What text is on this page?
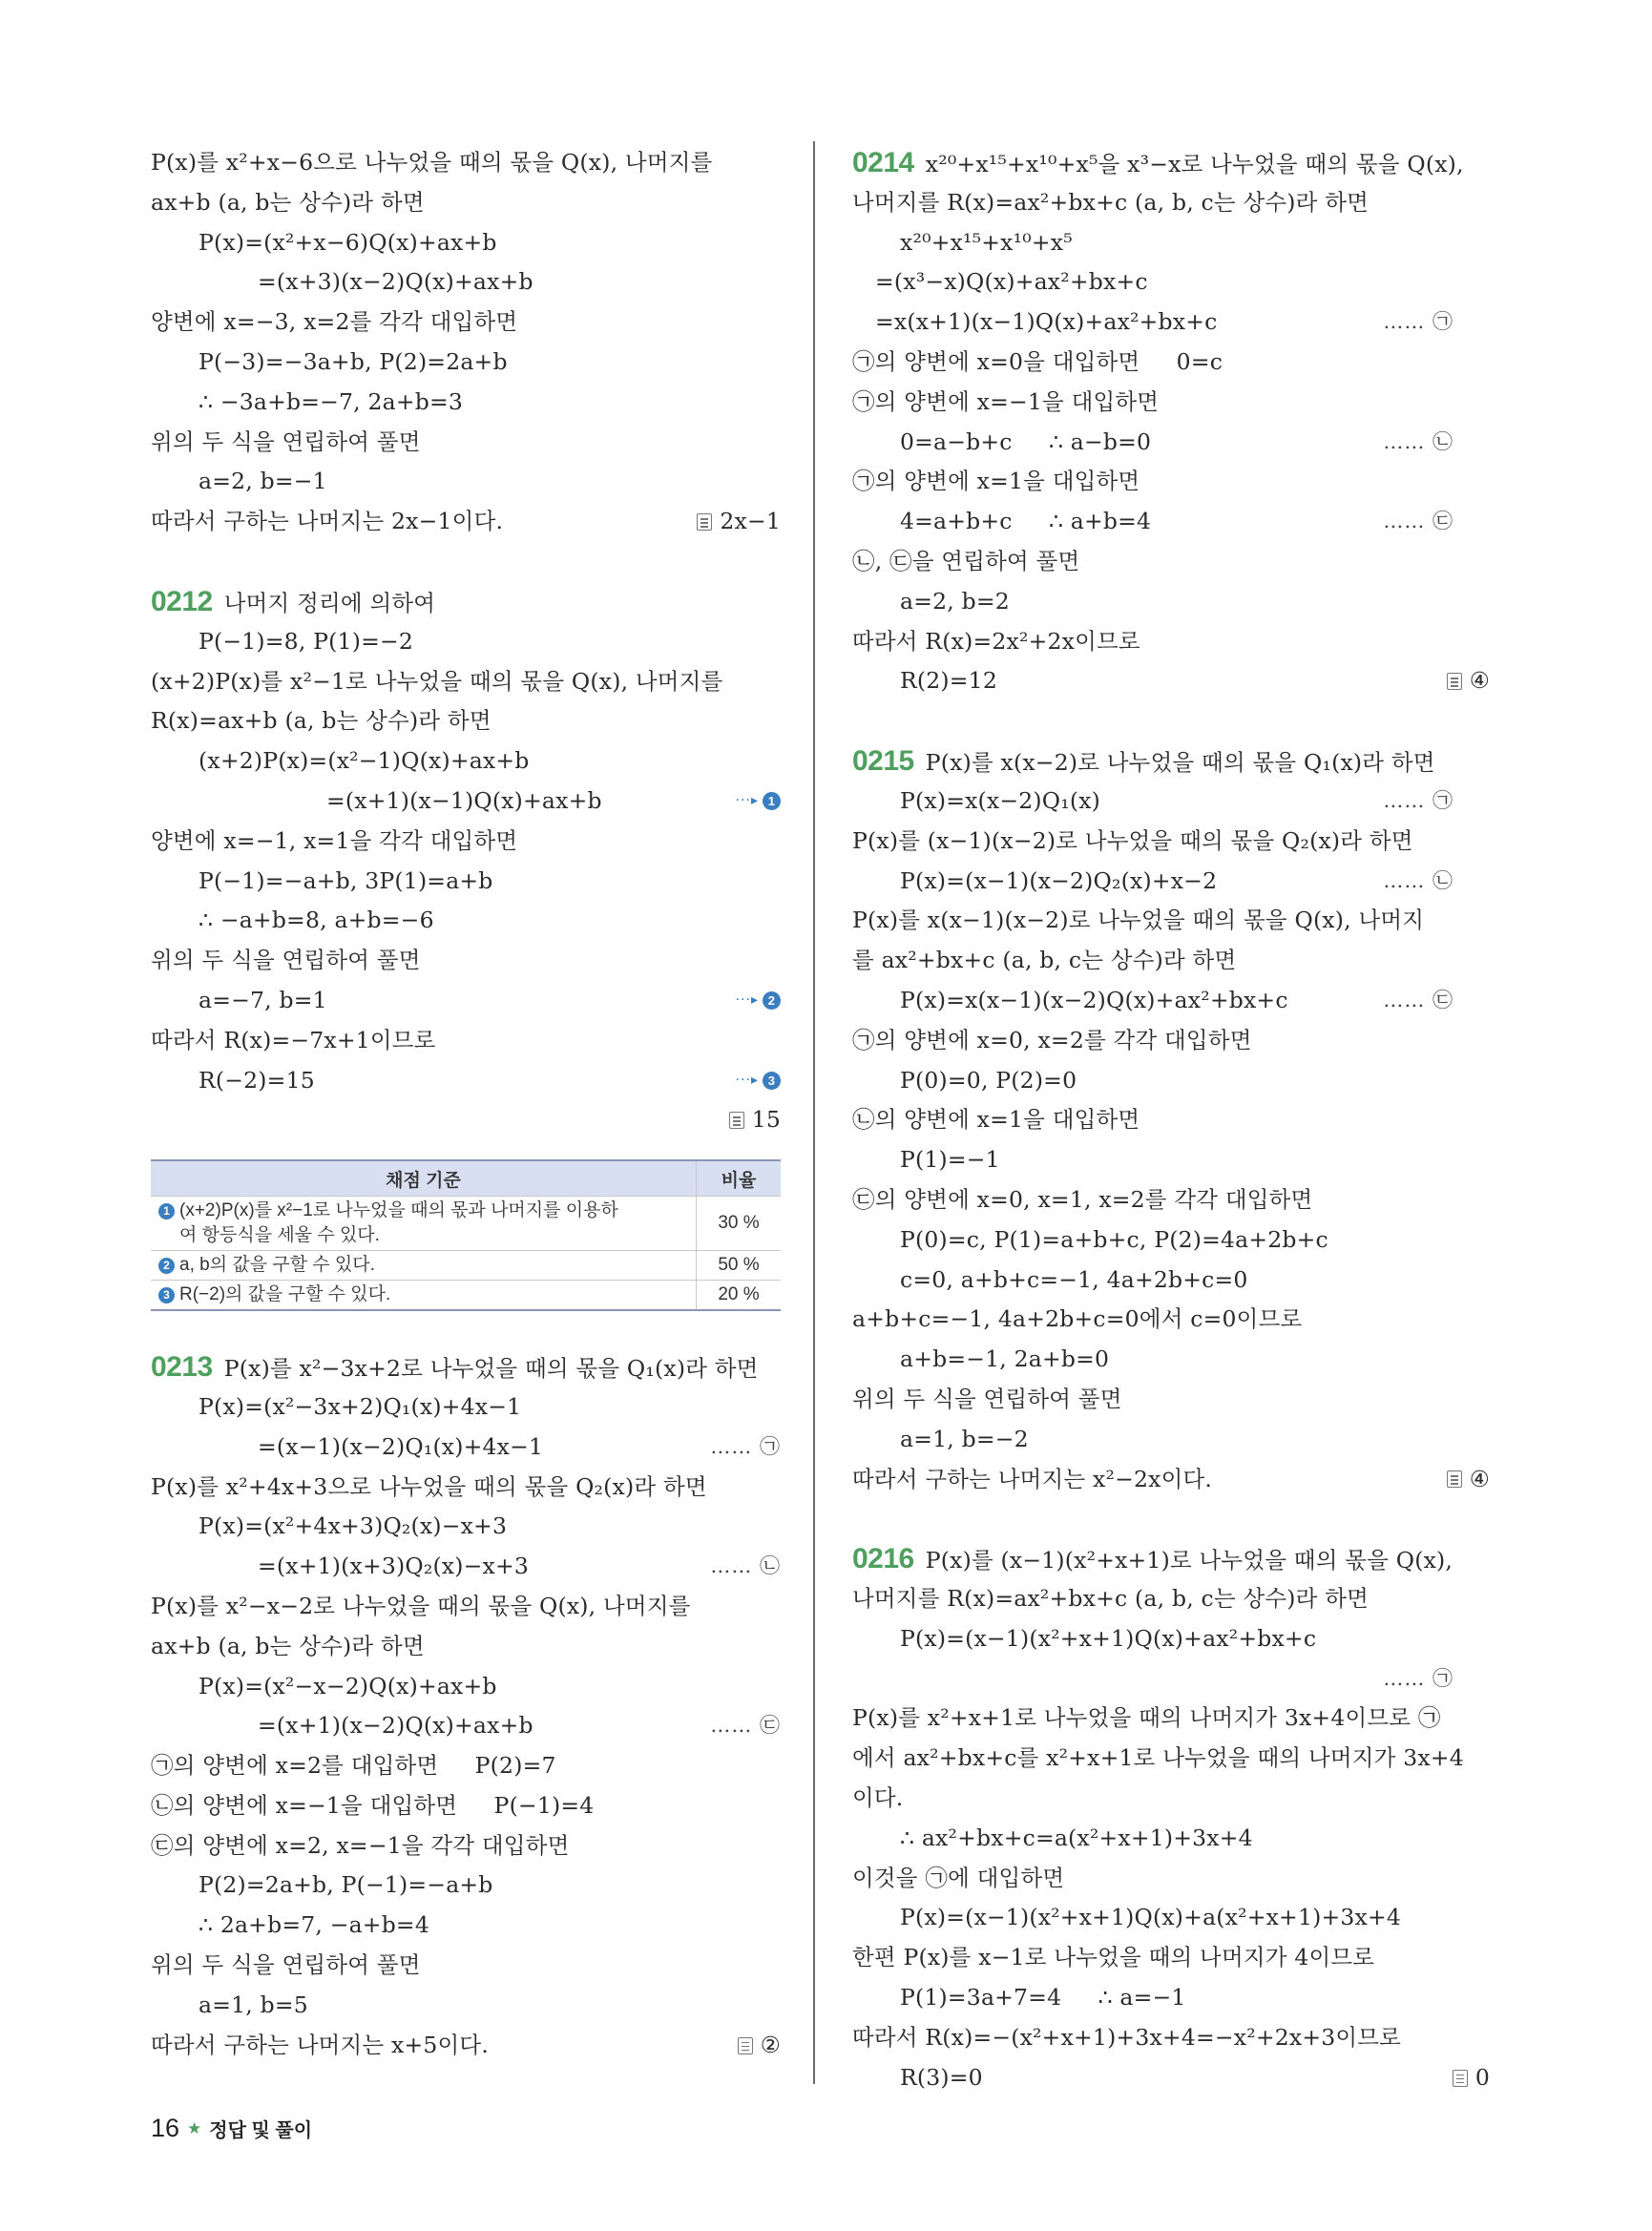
P(x)를 x²+x−6으로 나누었을 때의 몫을 Q(x), 나머지를
ax+b (a, b는 상수)라 하면
P(x)=(x²+x−6)Q(x)+ax+b
=(x+3)(x−2)Q(x)+ax+b
양변에 x=−3, x=2를 각각 대입하면
P(−3)=−3a+b, P(2)=2a+b
∴ −3a+b=−7, 2a+b=3
위의 두 식을 연립하여 풀면
a=2, b=−1
따라서 구하는 나머지는 2x−1이다.	2x−1
0212 나머지 정리에 의하여
P(−1)=8, P(1)=−2
(x+2)P(x)를 x²−1로 나누었을 때의 몫을 Q(x), 나머지를
R(x)=ax+b (a, b는 상수)라 하면
(x+2)P(x)=(x²−1)Q(x)+ax+b
=(x+1)(x−1)Q(x)+ax+b	···▸ 1
양변에 x=−1, x=1을 각각 대입하면
P(−1)=−a+b, 3P(1)=a+b
∴ −a+b=8, a+b=−6
위의 두 식을 연립하여 풀면
a=−7, b=1	···▸ 2
따라서 R(x)=−7x+1이므로
R(−2)=15	···▸ 3
15
채점 기준	비율
1 (x+2)P(x)를 x²−1로 나누었을 때의 몫과 나머지를 이용하
여 항등식을 세울 수 있다.	30 %
2 a, b의 값을 구할 수 있다.	50 %
3 R(−2)의 값을 구할 수 있다.	20 %
0213 P(x)를 x²−3x+2로 나누었을 때의 몫을 Q₁(x)라 하면
P(x)=(x²−3x+2)Q₁(x)+4x−1
=(x−1)(x−2)Q₁(x)+4x−1	…… ㉠
P(x)를 x²+4x+3으로 나누었을 때의 몫을 Q₂(x)라 하면
P(x)=(x²+4x+3)Q₂(x)−x+3
=(x+1)(x+3)Q₂(x)−x+3	…… ㉡
P(x)를 x²−x−2로 나누었을 때의 몫을 Q(x), 나머지를
ax+b (a, b는 상수)라 하면
P(x)=(x²−x−2)Q(x)+ax+b
=(x+1)(x−2)Q(x)+ax+b	…… ㉢
㉠의 양변에 x=2를 대입하면     P(2)=7
㉡의 양변에 x=−1을 대입하면     P(−1)=4
㉢의 양변에 x=2, x=−1을 각각 대입하면
P(2)=2a+b, P(−1)=−a+b
∴ 2a+b=7, −a+b=4
위의 두 식을 연립하여 풀면
a=1, b=5
따라서 구하는 나머지는 x+5이다.	②
0214 x²⁰+x¹⁵+x¹⁰+x⁵을 x³−x로 나누었을 때의 몫을 Q(x),
나머지를 R(x)=ax²+bx+c (a, b, c는 상수)라 하면
x²⁰+x¹⁵+x¹⁰+x⁵
=(x³−x)Q(x)+ax²+bx+c
=x(x+1)(x−1)Q(x)+ax²+bx+c	…… ㉠
㉠의 양변에 x=0을 대입하면     0=c
㉠의 양변에 x=−1을 대입하면
0=a−b+c     ∴ a−b=0	…… ㉡
㉠의 양변에 x=1을 대입하면
4=a+b+c     ∴ a+b=4	…… ㉢
㉡, ㉢을 연립하여 풀면
a=2, b=2
따라서 R(x)=2x²+2x이므로
R(2)=12	④
0215 P(x)를 x(x−2)로 나누었을 때의 몫을 Q₁(x)라 하면
P(x)=x(x−2)Q₁(x)	…… ㉠
P(x)를 (x−1)(x−2)로 나누었을 때의 몫을 Q₂(x)라 하면
P(x)=(x−1)(x−2)Q₂(x)+x−2	…… ㉡
P(x)를 x(x−1)(x−2)로 나누었을 때의 몫을 Q(x), 나머지
를 ax²+bx+c (a, b, c는 상수)라 하면
P(x)=x(x−1)(x−2)Q(x)+ax²+bx+c	…… ㉢
㉠의 양변에 x=0, x=2를 각각 대입하면
P(0)=0, P(2)=0
㉡의 양변에 x=1을 대입하면
P(1)=−1
㉢의 양변에 x=0, x=1, x=2를 각각 대입하면
P(0)=c, P(1)=a+b+c, P(2)=4a+2b+c
c=0, a+b+c=−1, 4a+2b+c=0
a+b+c=−1, 4a+2b+c=0에서 c=0이므로
a+b=−1, 2a+b=0
위의 두 식을 연립하여 풀면
a=1, b=−2
따라서 구하는 나머지는 x²−2x이다.	④
0216 P(x)를 (x−1)(x²+x+1)로 나누었을 때의 몫을 Q(x),
나머지를 R(x)=ax²+bx+c (a, b, c는 상수)라 하면
P(x)=(x−1)(x²+x+1)Q(x)+ax²+bx+c
…… ㉠
P(x)를 x²+x+1로 나누었을 때의 나머지가 3x+4이므로 ㉠
에서 ax²+bx+c를 x²+x+1로 나누었을 때의 나머지가 3x+4
이다.
∴ ax²+bx+c=a(x²+x+1)+3x+4
이것을 ㉠에 대입하면
P(x)=(x−1)(x²+x+1)Q(x)+a(x²+x+1)+3x+4
한편 P(x)를 x−1로 나누었을 때의 나머지가 4이므로
P(1)=3a+7=4     ∴ a=−1
따라서 R(x)=−(x²+x+1)+3x+4=−x²+2x+3이므로
R(3)=0	0
16 ★ 정답 및 풀이
